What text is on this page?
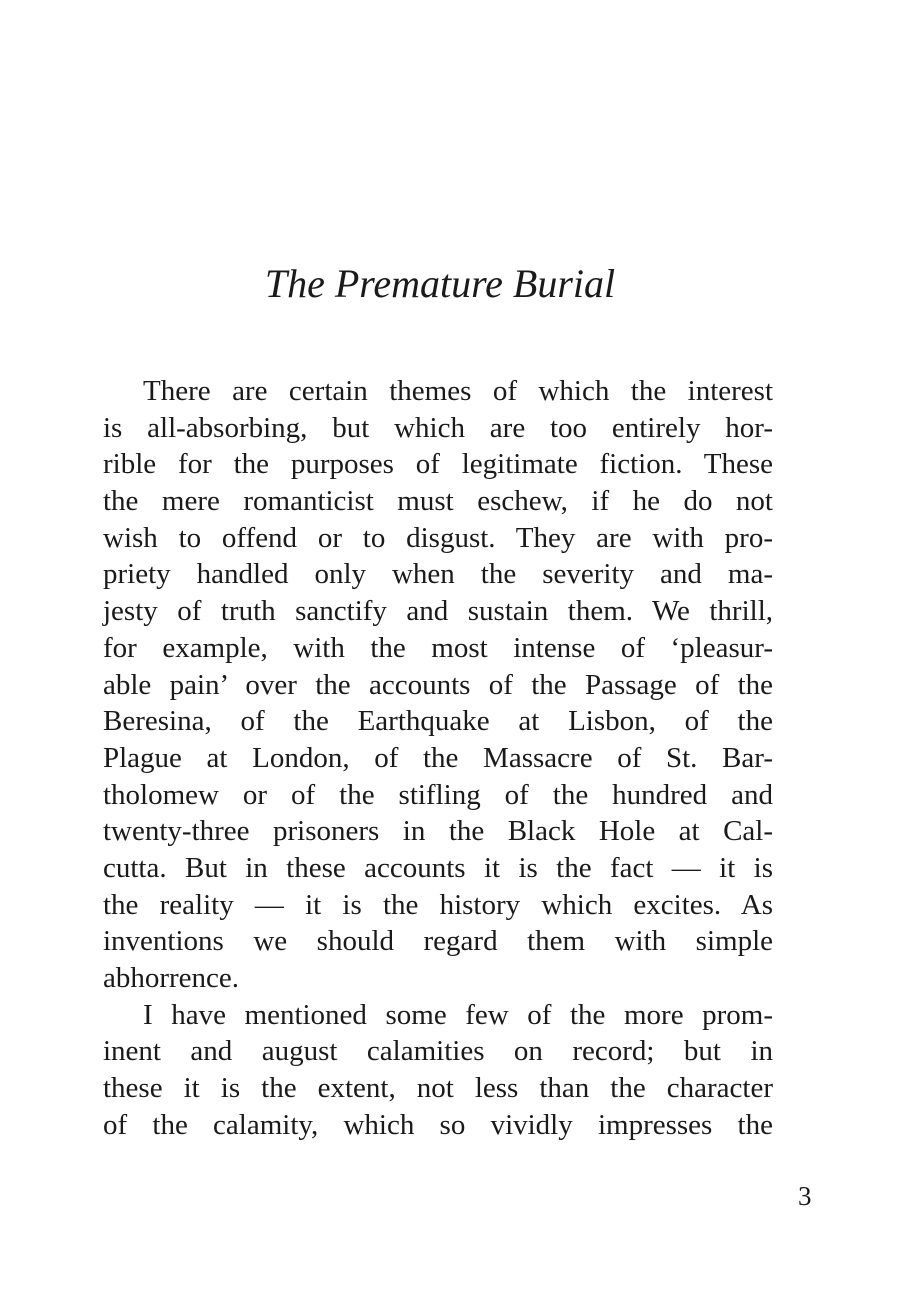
The Premature Burial
There are certain themes of which the interest
is all-absorbing, but which are too entirely hor-
rible for the purposes of legitimate fiction. These
the mere romanticist must eschew, if he do not
wish to offend or to disgust. They are with pro-
priety handled only when the severity and ma-
jesty of truth sanctify and sustain them. We thrill,
for example, with the most intense of ‘pleasur-
able pain’ over the accounts of the Passage of the
Beresina, of the Earthquake at Lisbon, of the
Plague at London, of the Massacre of St. Bar-
tholomew or of the stifling of the hundred and
twenty-three prisoners in the Black Hole at Cal-
cutta. But in these accounts it is the fact — it is
the reality — it is the history which excites. As
inventions we should regard them with simple
abhorrence.
I have mentioned some few of the more prom-
inent and august calamities on record; but in
these it is the extent, not less than the character
of the calamity, which so vividly impresses the
3
